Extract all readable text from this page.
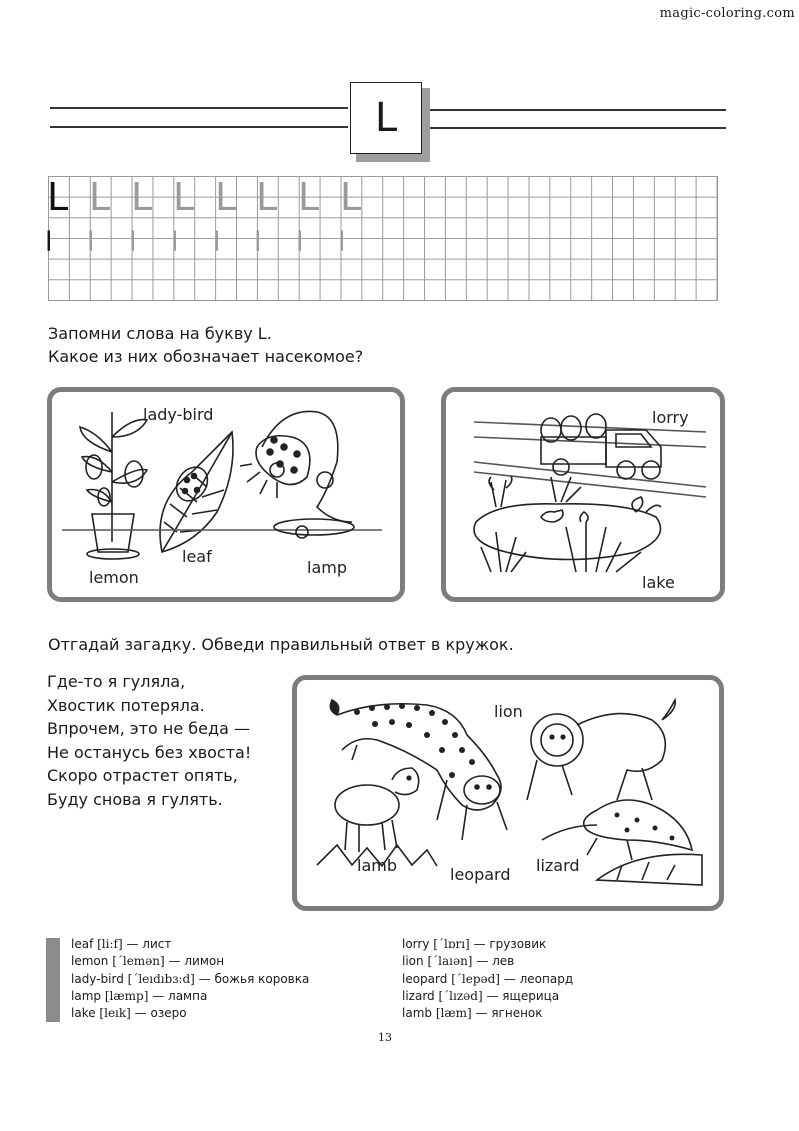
magic-coloring.com
L
L L L L L L L L
l l l l l l l l
Запомни слова на букву L.
Какое из них обозначает насекомое?
lady-bird
leaf
lemon
lamp
lorry
lake
Отгадай загадку. Обведи правильный ответ в кружок.
Где-то я гуляла,
Хвостик потеряла.
Впрочем, это не беда —
Не останусь без хвоста!
Скоро отрастет опять,
Буду снова я гулять.
lion
lamb	leopard lizard
leaf [li:f] — лист
lemon [ˊlemən] — лимон
lady-bird [ˊleıdıbɜ:d] — божья коровка
lamp [læmp] — лампа
lake [leık] — озеро
lorry [ˊlɒrı] — грузовик
lion [ˊlaıən] — лев
leopard [ˊlepəd] — леопард
lizard [ˊlızəd] — ящерица
lamb [læm] — ягненок
13
